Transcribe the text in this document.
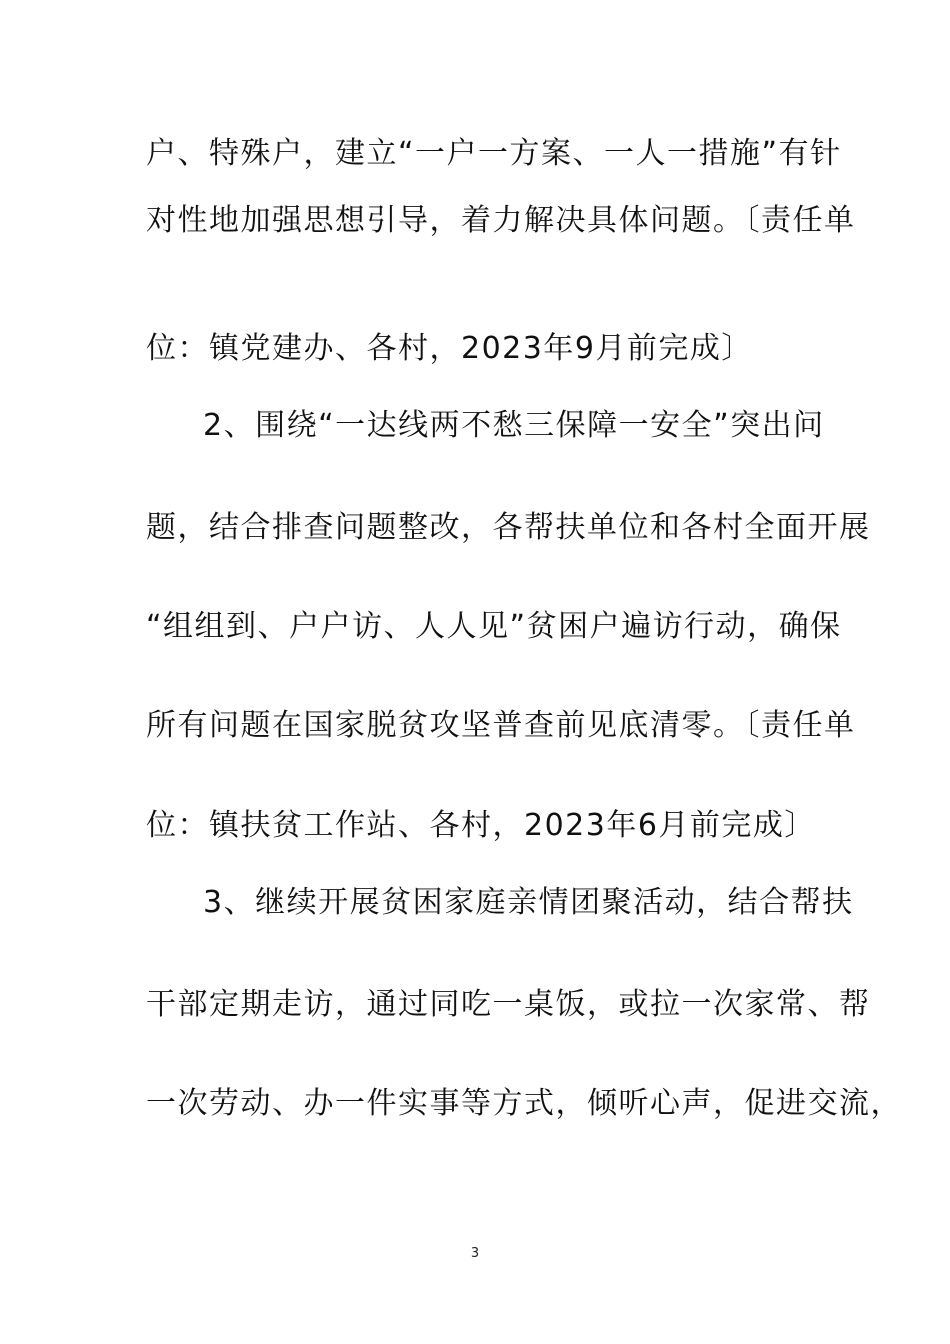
户、特殊户，建立“一户一方案、一人一措施”有针
对性地加强思想引导，着力解决具体问题。〔责任单
位：镇党建办、各村，2023年9月前完成〕
2、围绕“一达线两不愁三保障一安全”突出问
题，结合排查问题整改，各帮扶单位和各村全面开展
“组组到、户户访、人人见”贫困户遍访行动，确保
所有问题在国家脱贫攻坚普查前见底清零。〔责任单
位：镇扶贫工作站、各村，2023年6月前完成〕
3、继续开展贫困家庭亲情团聚活动，结合帮扶
干部定期走访，通过同吃一桌饭，或拉一次家常、帮
一次劳动、办一件实事等方式，倾听心声，促进交流，
3
